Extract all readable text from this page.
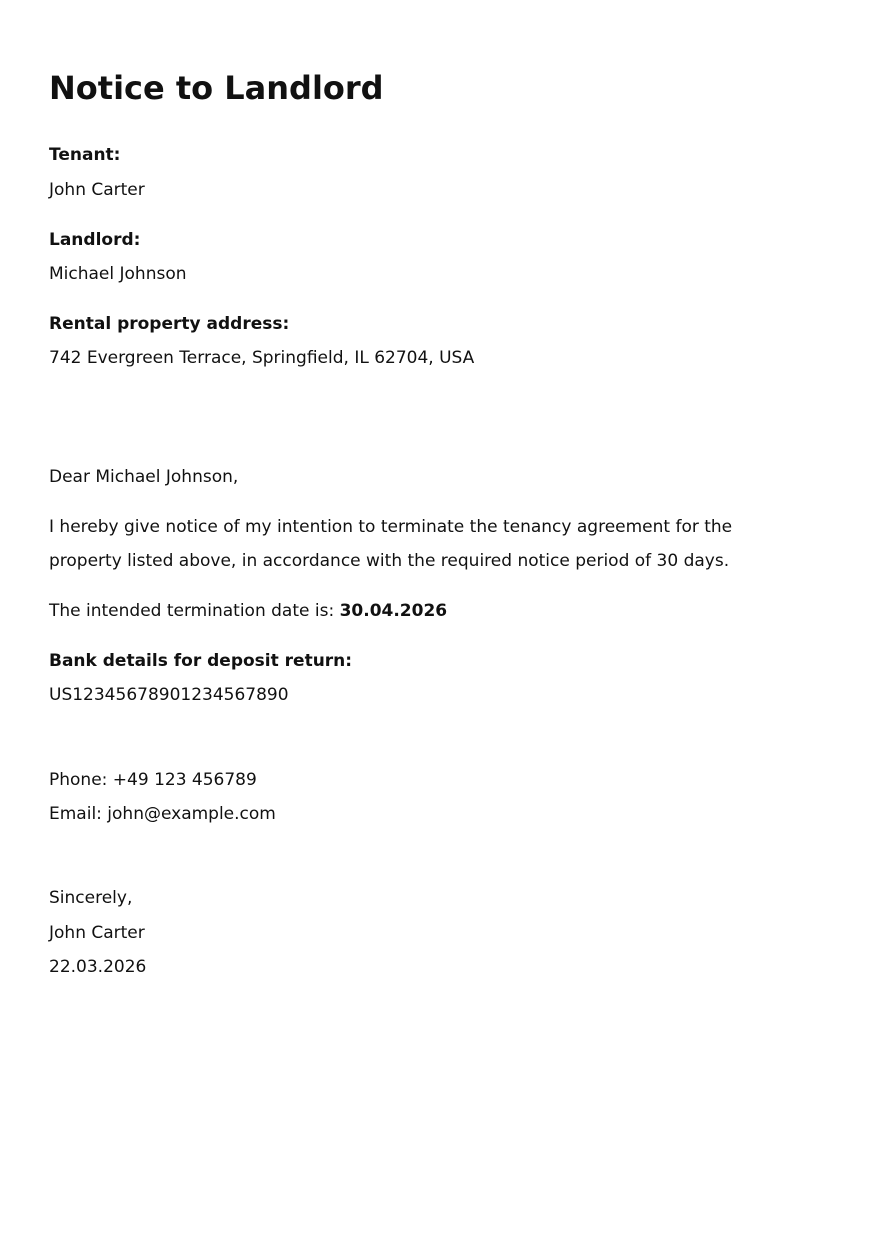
Notice to Landlord
Tenant:
John Carter
Landlord:
Michael Johnson
Rental property address:
742 Evergreen Terrace, Springfield, IL 62704, USA
Dear Michael Johnson,
I hereby give notice of my intention to terminate the tenancy agreement for the
property listed above, in accordance with the required notice period of 30 days.
The intended termination date is: 30.04.2026
Bank details for deposit return:
US12345678901234567890
Phone: +49 123 456789
Email: john@example.com
Sincerely,
John Carter
22.03.2026
